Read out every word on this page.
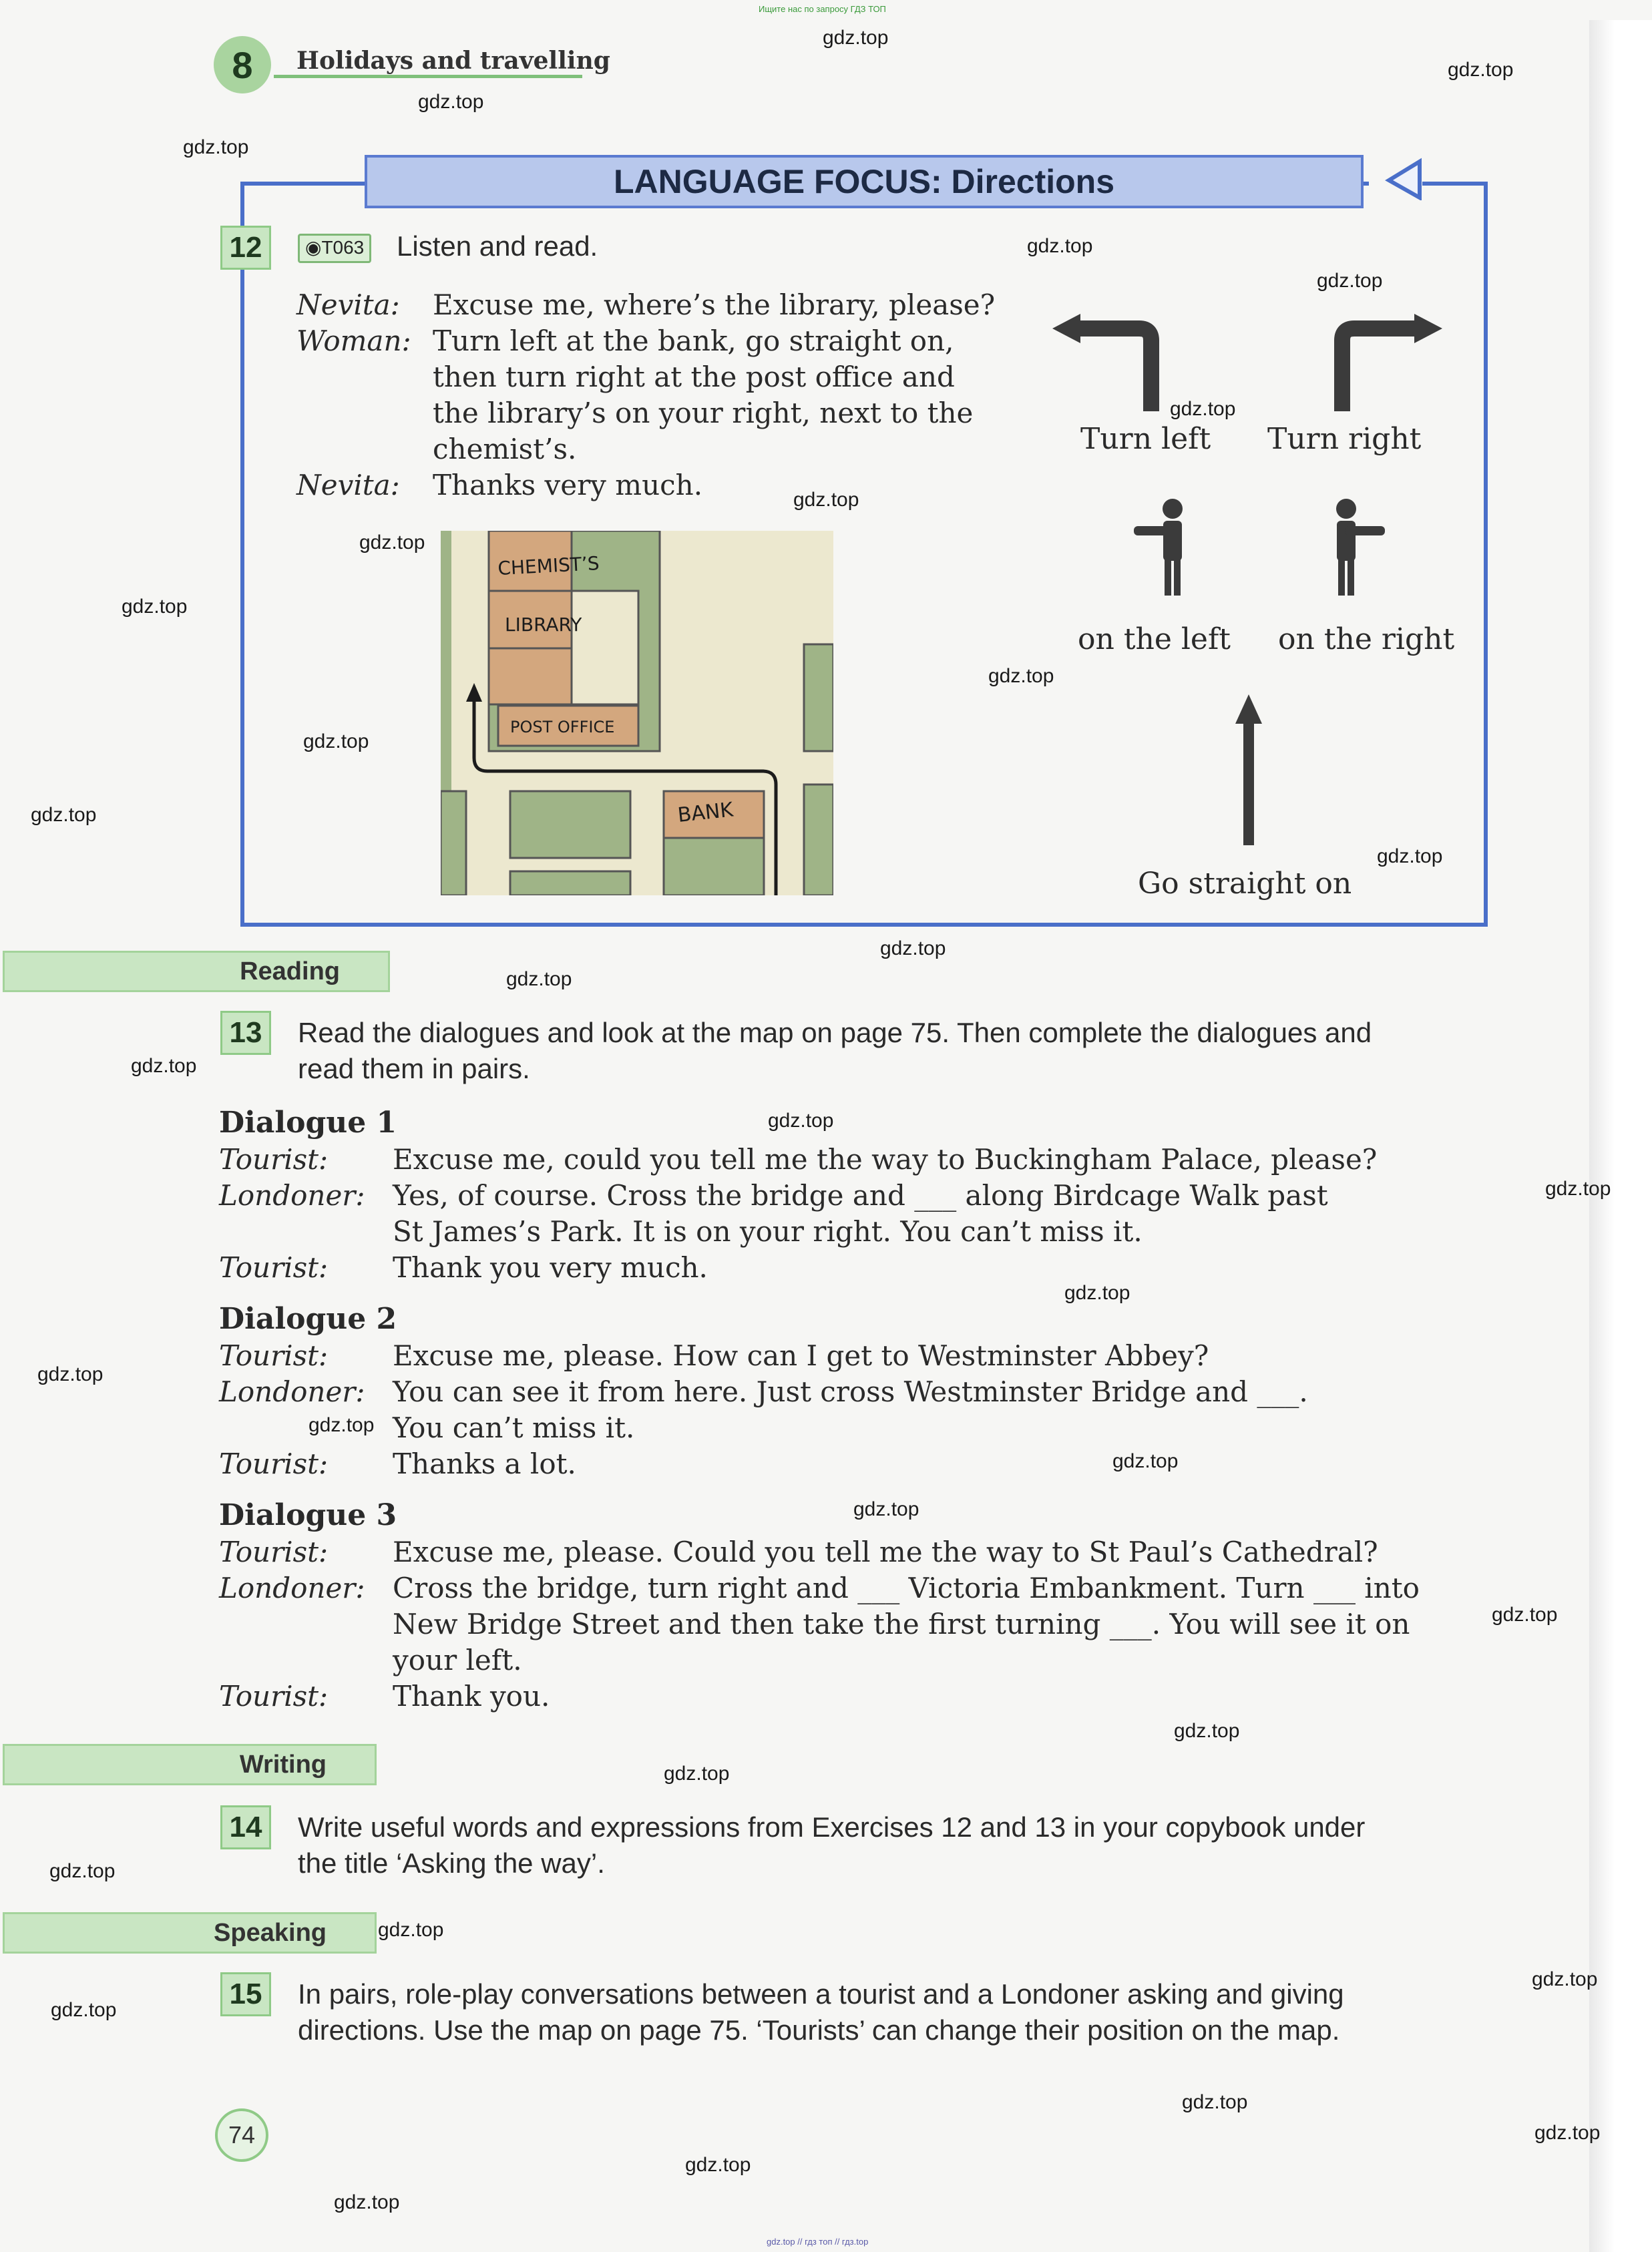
Ищите нас по запросу ГДЗ ТОП
gdz.top // гдз топ // гдз.top
8	Holidays and travelling
LANGUAGE FOCUS: Directions
12	◉T063 Listen and read.
Nevita: Excuse me, where’s the library, please?
Woman: Turn left at the bank, go straight on,
then turn right at the post office and
the library’s on your right, next to the
chemist’s.
Nevita: Thanks very much.
CHEMIST’S
LIBRARY
POST OFFICE
BANK
Turn left Turn right
on the left on the right
Go straight on
Reading
13	Read the dialogues and look at the map on page 75. Then complete the dialogues and
read them in pairs.
Dialogue 1
Tourist: Excuse me, could you tell me the way to Buckingham Palace, please?
Londoner: Yes, of course. Cross the bridge and ___ along Birdcage Walk past
St James’s Park. It is on your right. You can’t miss it.
Tourist: Thank you very much.
Dialogue 2
Tourist: Excuse me, please. How can I get to Westminster Abbey?
Londoner: You can see it from here. Just cross Westminster Bridge and ___.
You can’t miss it.
Tourist: Thanks a lot.
Dialogue 3
Tourist: Excuse me, please. Could you tell me the way to St Paul’s Cathedral?
Londoner: Cross the bridge, turn right and ___ Victoria Embankment. Turn ___ into
New Bridge Street and then take the first turning ___. You will see it on
your left.
Tourist: Thank you.
Writing
14	Write useful words and expressions from Exercises 12 and 13 in your copybook under
the title ‘Asking the way’.
Speaking
15	In pairs, role-play conversations between a tourist and a Londoner asking and giving
directions. Use the map on page 75. ‘Tourists’ can change their position on the map.
74
gdz.top
gdz.top
gdz.top
gdz.top
gdz.top
gdz.top
gdz.top
gdz.top
gdz.top
gdz.top
gdz.top
gdz.top
gdz.top
gdz.top
gdz.top
gdz.top
gdz.top
gdz.top
gdz.top
gdz.top
gdz.top
gdz.top
gdz.top
gdz.top
gdz.top
gdz.top
gdz.top
gdz.top
gdz.top
gdz.top
gdz.top
gdz.top
gdz.top
gdz.top
gdz.top
